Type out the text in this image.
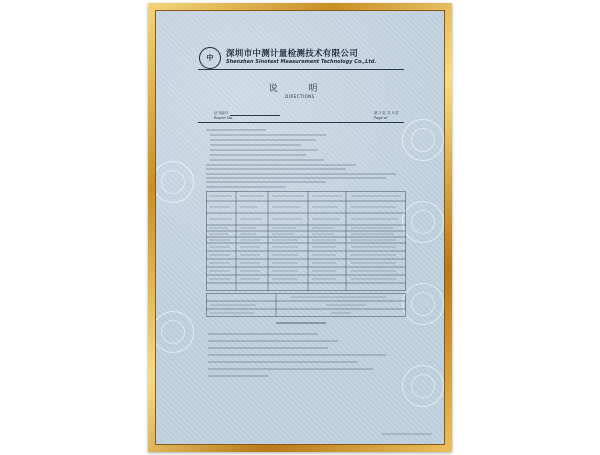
中	深圳市中测计量检测技术有限公司
Shenzhen Sinotest Measurement Technology Co.,Ltd.
说 明
DIRECTIONS
证书编号
Report No.
第 2 页 共 3 页
Page of
